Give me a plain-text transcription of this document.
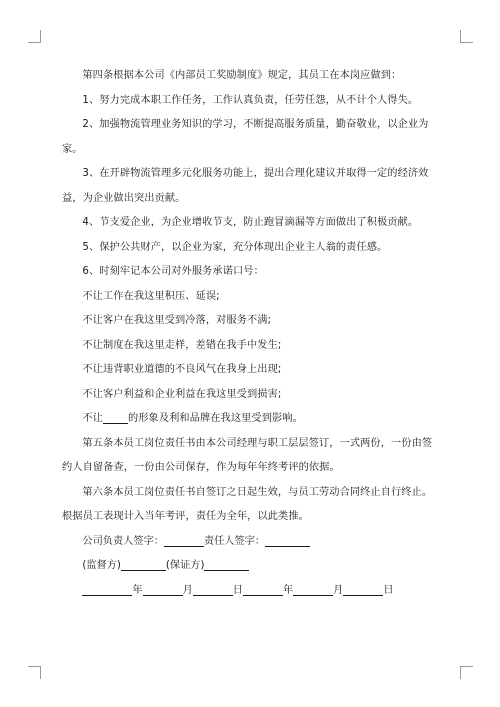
第四条根据本公司《内部员工奖励制度》规定，其员工在本岗应做到：

1、努力完成本职工作任务，工作认真负责，任劳任怨，从不计个人得失。

2、加强物流管理业务知识的学习，不断提高服务质量，勤奋敬业，以企业为家。

3、在开辟物流管理多元化服务功能上，提出合理化建议并取得一定的经济效益，为企业做出突出贡献。

4、节支爱企业，为企业增收节支，防止跑冒滴漏等方面做出了积极贡献。

5、保护公共财产，以企业为家，充分体现出企业主人翁的责任感。

6、时刻牢记本公司对外服务承诺口号：

不让工作在我这里积压、延误;

不让客户在我这里受到冷落，对服务不满;

不让制度在我这里走样，差错在我手中发生;

不让违背职业道德的不良风气在我身上出现;

不让客户利益和企业利益在我这里受到损害;

不让 的形象及利和品牌在我这里受到影响。

第五条本员工岗位责任书由本公司经理与职工层层签订，一式两份，一份由签约人自留备查，一份由公司保存，作为每年年终考评的依据。

第六条本员工岗位责任书自签订之日起生效，与员工劳动合同终止自行终止。根据员工表现计入当年考评，责任为全年，以此类推。

公司负责人签字：	责任人签字：

(监督方)	(保证方)

年	月	日	年	月	日
